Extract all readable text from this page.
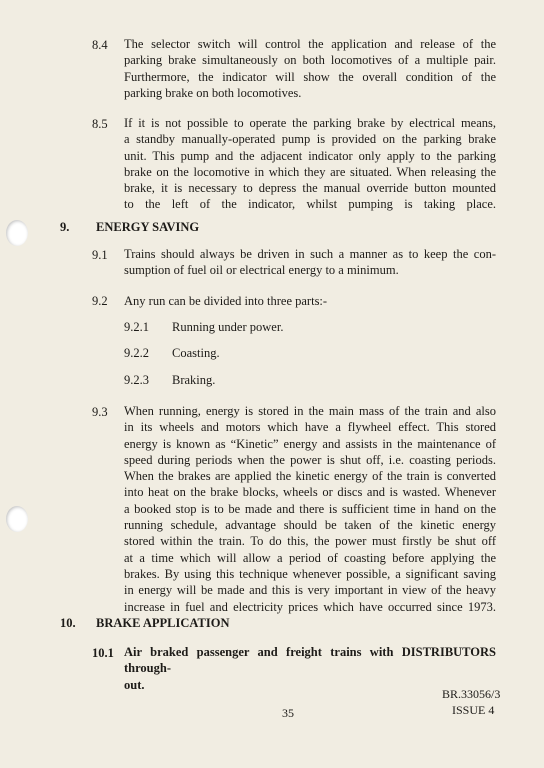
8.4 The selector switch will control the application and release of the
parking brake simultaneously on both locomotives of a multiple pair.
Furthermore, the indicator will show the overall condition of the
parking brake on both locomotives.
8.5 If it is not possible to operate the parking brake by electrical means,
a standby manually-operated pump is provided on the parking brake
unit. This pump and the adjacent indicator only apply to the parking
brake on the locomotive in which they are situated. When releasing the
brake, it is necessary to depress the manual override button mounted
to the left of the indicator, whilst pumping is taking place.
9. ENERGY SAVING
9.1 Trains should always be driven in such a manner as to keep the con-
sumption of fuel oil or electrical energy to a minimum.
9.2 Any run can be divided into three parts:-
9.2.1 Running under power.
9.2.2 Coasting.
9.2.3 Braking.
9.3 When running, energy is stored in the main mass of the train and also
in its wheels and motors which have a flywheel effect. This stored
energy is known as “Kinetic” energy and assists in the maintenance of
speed during periods when the power is shut off, i.e. coasting periods.
When the brakes are applied the kinetic energy of the train is converted
into heat on the brake blocks, wheels or discs and is wasted. Whenever
a booked stop is to be made and there is sufficient time in hand on the
running schedule, advantage should be taken of the kinetic energy
stored within the train. To do this, the power must firstly be shut off
at a time which will allow a period of coasting before applying the
brakes. By using this technique whenever possible, a significant saving
in energy will be made and this is very important in view of the heavy
increase in fuel and electricity prices which have occurred since 1973.
10. BRAKE APPLICATION
10.1 Air braked passenger and freight trains with DISTRIBUTORS through-
out.
35
BR.33056/3
ISSUE 4
